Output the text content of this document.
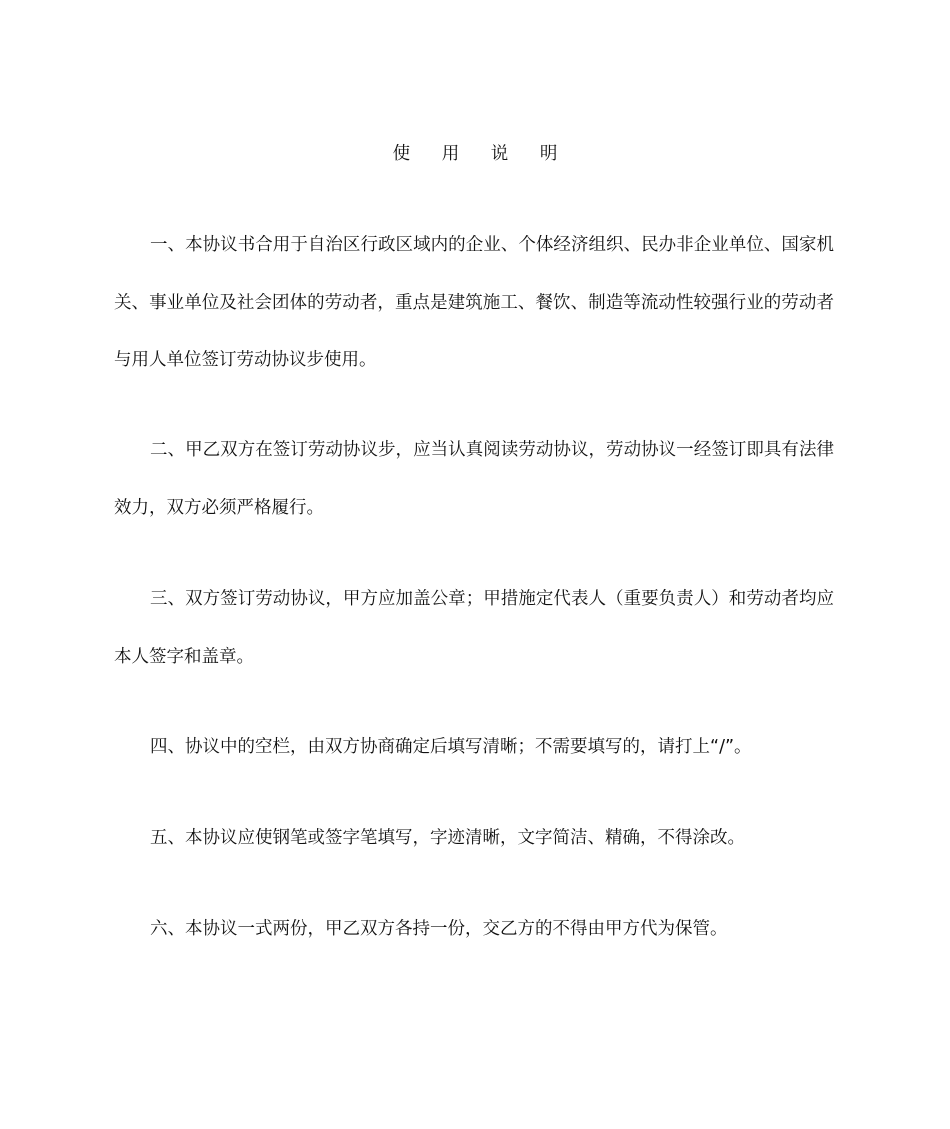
使 用 说 明

一、本协议书合用于自治区行政区域内的企业、个体经济组织、民办非企业单位、国家机关、事业单位及社会团体的劳动者，重点是建筑施工、餐饮、制造等流动性较强行业的劳动者与用人单位签订劳动协议步使用。

二、甲乙双方在签订劳动协议步，应当认真阅读劳动协议，劳动协议一经签订即具有法律效力，双方必须严格履行。

三、双方签订劳动协议，甲方应加盖公章；甲措施定代表人（重要负责人）和劳动者均应本人签字和盖章。

四、协议中的空栏，由双方协商确定后填写清晰；不需要填写的，请打上“/”。

五、本协议应使钢笔或签字笔填写，字迹清晰，文字简洁、精确，不得涂改。

六、本协议一式两份，甲乙双方各持一份，交乙方的不得由甲方代为保管。
